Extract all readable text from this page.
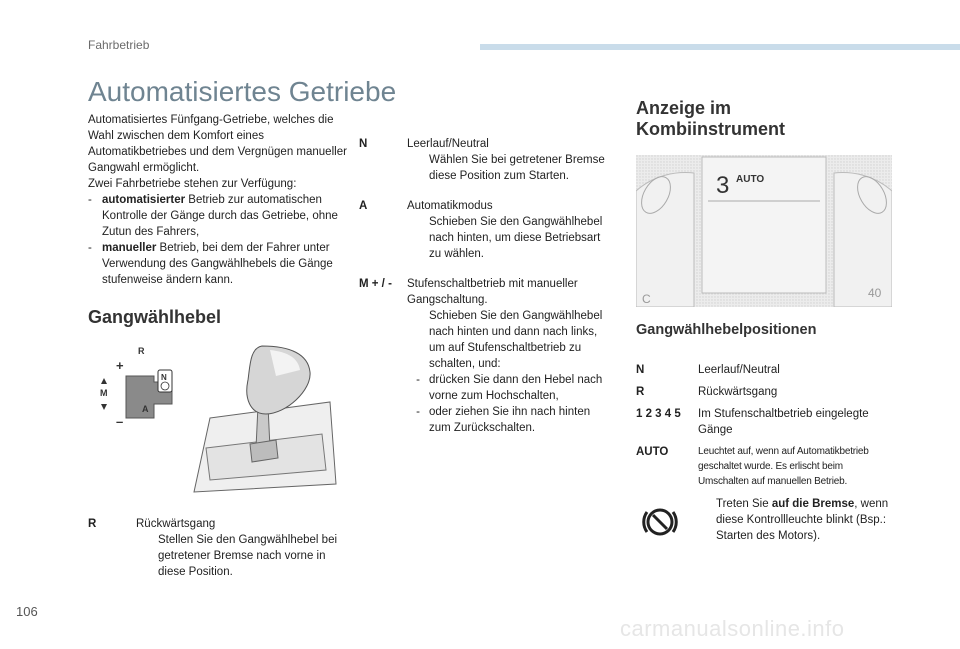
Fahrbetrieb
Automatisiertes Getriebe

Automatisiertes Fünfgang-Getriebe, welches die Wahl zwischen dem Komfort eines Automatikbetriebes und dem Vergnügen manueller Gangwahl ermöglicht.

Zwei Fahrbetriebe stehen zur Verfügung:

- automatisierter Betrieb zur automatischen Kontrolle der Gänge durch das Getriebe, ohne Zutun des Fahrers,
- manueller Betrieb, bei dem der Fahrer unter Verwendung des Gangwählhebels die Gänge stufenweise ändern kann.
Gangwählhebel
R
+
M
–
A
N
R	Rückwärtsgang
Stellen Sie den Gangwählhebel bei getretener Bremse nach vorne in diese Position.
N	Leerlauf/Neutral
Wählen Sie bei getretener Bremse diese Position zum Starten.
A	Automatikmodus
Schieben Sie den Gangwählhebel nach hinten, um diese Betriebsart zu wählen.
M + / -	Stufenschaltbetrieb mit manueller Gangschaltung.
Schieben Sie den Gangwählhebel nach hinten und dann nach links, um auf Stufenschaltbetrieb zu schalten, und:
- drücken Sie dann den Hebel nach vorne zum Hochschalten,
- oder ziehen Sie ihn nach hinten zum Zurückschalten.
Anzeige im
Kombiinstrument
3 AUTO
C	40
Gangwählhebelpositionen
N	Leerlauf/Neutral
R	Rückwärtsgang
1 2 3 4 5	Im Stufenschaltbetrieb eingelegte Gänge
AUTO	Leuchtet auf, wenn auf Automatikbetrieb geschaltet wurde. Es erlischt beim Umschalten auf manuellen Betrieb.
Treten Sie auf die Bremse, wenn diese Kontrollleuchte blinkt (Bsp.: Starten des Motors).
106
carmanualsonline.info
